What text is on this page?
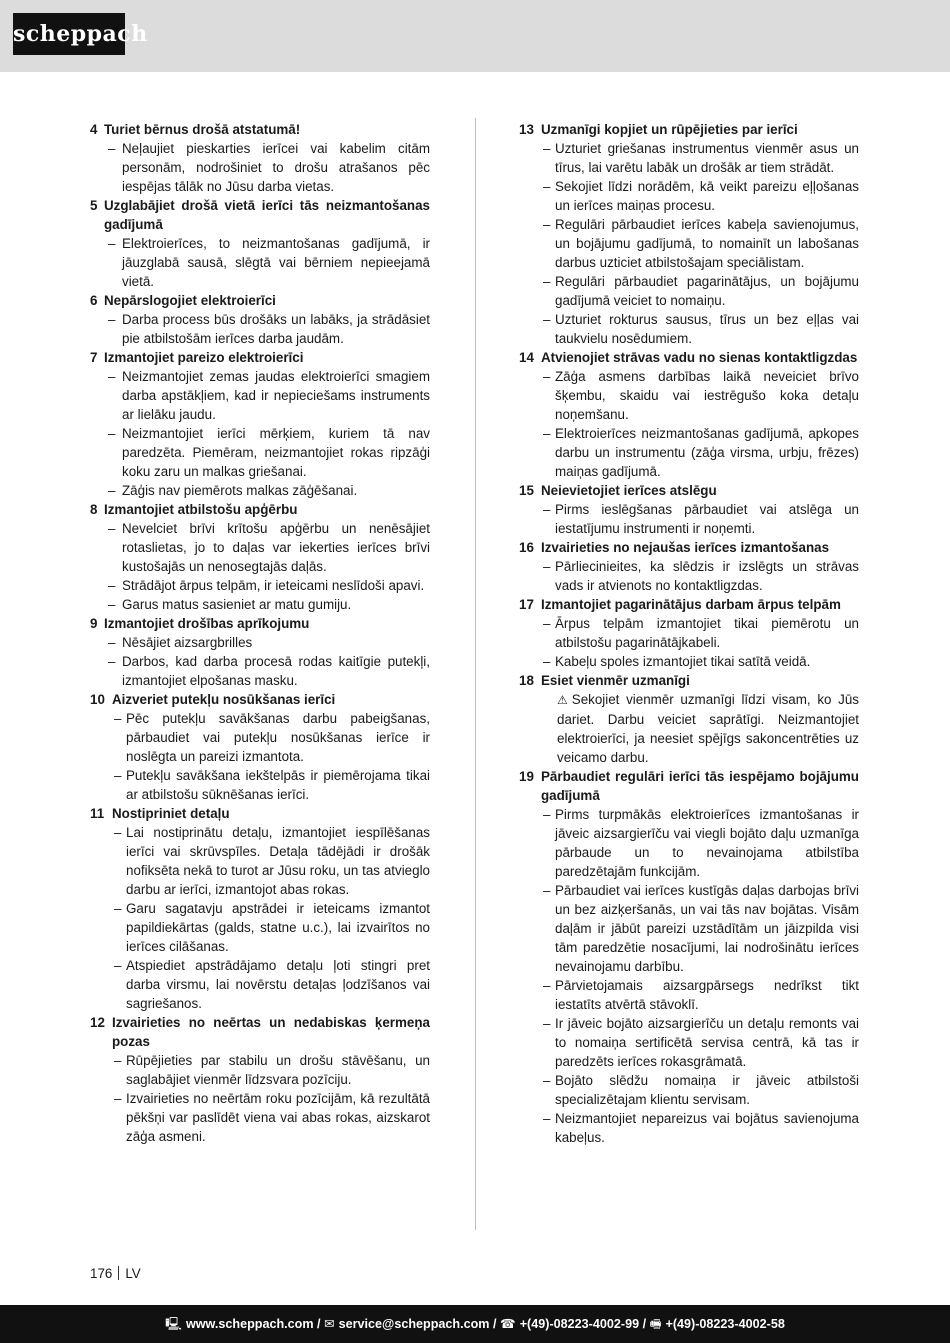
scheppach
4 Turiet bērnus drošā atstatumā!
– Neļaujiet pieskarties ierīcei vai kabelim citām personām, nodrošiniet to drošu atrašanos pēc iespējas tālāk no Jūsu darba vietas.
5 Uzglabājiet drošā vietā ierīci tās neizmantošanas gadījumā
– Elektroierīces, to neizmantošanas gadījumā, ir jāuzglabā sausā, slēgtā vai bērniem nepieejamā vietā.
6 Nepārslogojiet elektroierīci
– Darba process būs drošāks un labāks, ja strādāsiet pie atbilstošām ierīces darba jaudām.
7 Izmantojiet pareizo elektroierīci
– Neizmantojiet zemas jaudas elektroierīci smagiem darba apstākļiem, kad ir nepieciešams instruments ar lielāku jaudu.
– Neizmantojiet ierīci mērķiem, kuriem tā nav paredzēta. Piemēram, neizmantojiet rokas ripzāģi koku zaru un malkas griešanai.
– Zāģis nav piemērots malkas zāģēšanai.
8 Izmantojiet atbilstošu apģērbu
– Nevelciet brīvi krītošu apģērbu un nenēsājiet rotaslietas, jo to daļas var iekerties ierīces brīvi kustošajās un nenosegtajās daļās.
– Strādājot ārpus telpām, ir ieteicami neslīdoši apavi.
– Garus matus sasieniet ar matu gumiju.
9 Izmantojiet drošības aprīkojumu
– Nēsājiet aizsargbrilles
– Darbos, kad darba procesā rodas kaitīgie putekļi, izmantojiet elpošanas masku.
10 Aizveriet putekļu nosūkšanas ierīci
– Pēc putekļu savākšanas darbu pabeigšanas, pārbaudiet vai putekļu nosūkšanas ierīce ir noslēgta un pareizi izmantota.
– Putekļu savākšana iekštelpās ir piemērojama tikai ar atbilstošu sūknēšanas ierīci.
11 Nostipriniet detaļu
– Lai nostiprinātu detaļu, izmantojiet iespīlēšanas ierīci vai skrūvspīles. Detaļa tādējādi ir drošāk nofiksēta nekā to turot ar Jūsu roku, un tas atvieglo darbu ar ierīci, izmantojot abas rokas.
– Garu sagatavju apstrādei ir ieteicams izmantot papildiekārtas (galds, statne u.c.), lai izvairītos no ierīces cilāšanas.
– Atspiediet apstrādājamo detaļu ļoti stingri pret darba virsmu, lai novērstu detaļas ļodzīšanos vai sagriešanos.
12 Izvairieties no neērtas un nedabiskas ķermeņa pozas
– Rūpējieties par stabilu un drošu stāvēšanu, un saglabājiet vienmēr līdzsvara pozīciju.
– Izvairieties no neērtām roku pozīcijām, kā rezultātā pēkšņi var paslīdēt viena vai abas rokas, aizskarot zāģa asmeni.
13 Uzmanīgi kopjiet un rūpējieties par ierīci
– Uzturiet griešanas instrumentus vienmēr asus un tīrus, lai varētu labāk un drošāk ar tiem strādāt.
– Sekojiet līdzi norādēm, kā veikt pareizu eļļošanas un ierīces maiņas procesu.
– Regulāri pārbaudiet ierīces kabeļa savienojumus, un bojājumu gadījumā, to nomainīt un labošanas darbus uzticiet atbilstošajam speciālistam.
– Regulāri pārbaudiet pagarinātājus, un bojājumu gadījumā veiciet to nomaiņu.
– Uzturiet rokturus sausus, tīrus un bez eļļas vai taukvielu nosēdumiem.
14 Atvienojiet strāvas vadu no sienas kontaktligzdas
– Zāģa asmens darbības laikā neveiciet brīvo šķembu, skaidu vai iestrēgušo koka detaļu noņemšanu.
– Elektroierīces neizmantošanas gadījumā, apkopes darbu un instrumentu (zāģa virsma, urbju, frēzes) maiņas gadījumā.
15 Neievietojiet ierīces atslēgu
– Pirms ieslēgšanas pārbaudiet vai atslēga un iestatījumu instrumenti ir noņemti.
16 Izvairieties no nejaušas ierīces izmantošanas
– Pārliecinieites, ka slēdzis ir izslēgts un strāvas vads ir atvienots no kontaktligzdas.
17 Izmantojiet pagarinātājus darbam ārpus telpām
– Ārpus telpām izmantojiet tikai piemērotu un atbilstošu pagarinātājkabeli.
– Kabeļu spoles izmantojiet tikai satītā veidā.
18 Esiet vienmēr uzmanīgi
⚠︎ Sekojiet vienmēr uzmanīgi līdzi visam, ko Jūs dariet. Darbu veiciet saprātīgi. Neizmantojiet elektroierīci, ja neesiet spējīgs sakoncentrēties uz veicamo darbu.
19 Pārbaudiet regulāri ierīci tās iespējamo bojājumu gadījumā
– Pirms turpmākās elektroierīces izmantošanas ir jāveic aizsargierīču vai viegli bojāto daļu uzmanīga pārbaude un to nevainojama atbilstība paredzētajām funkcijām.
– Pārbaudiet vai ierīces kustīgās daļas darbojas brīvi un bez aizķeršanās, un vai tās nav bojātas. Visām daļām ir jābūt pareizi uzstādītām un jāizpilda visi tām paredzētie nosacījumi, lai nodrošinātu ierīces nevainojamu darbību.
– Pārvietojamais aizsargpārsegs nedrīkst tikt iestatīts atvērtā stāvoklī.
– Ir jāveic bojāto aizsargierīču un detaļu remonts vai to nomaiņa sertificētā servisa centrā, kā tas ir paredzēts ierīces rokasgrāmatā.
– Bojāto slēdžu nomaiņa ir jāveic atbilstoši specializētajam klientu servisam.
– Neizmantojiet nepareizus vai bojātus savienojuma kabeļus.
176 LV
🖳︎ www.scheppach.com / ✉︎ service@scheppach.com / ☎︎ +(49)-08223-4002-99 / 🖷︎ +(49)-08223-4002-58
